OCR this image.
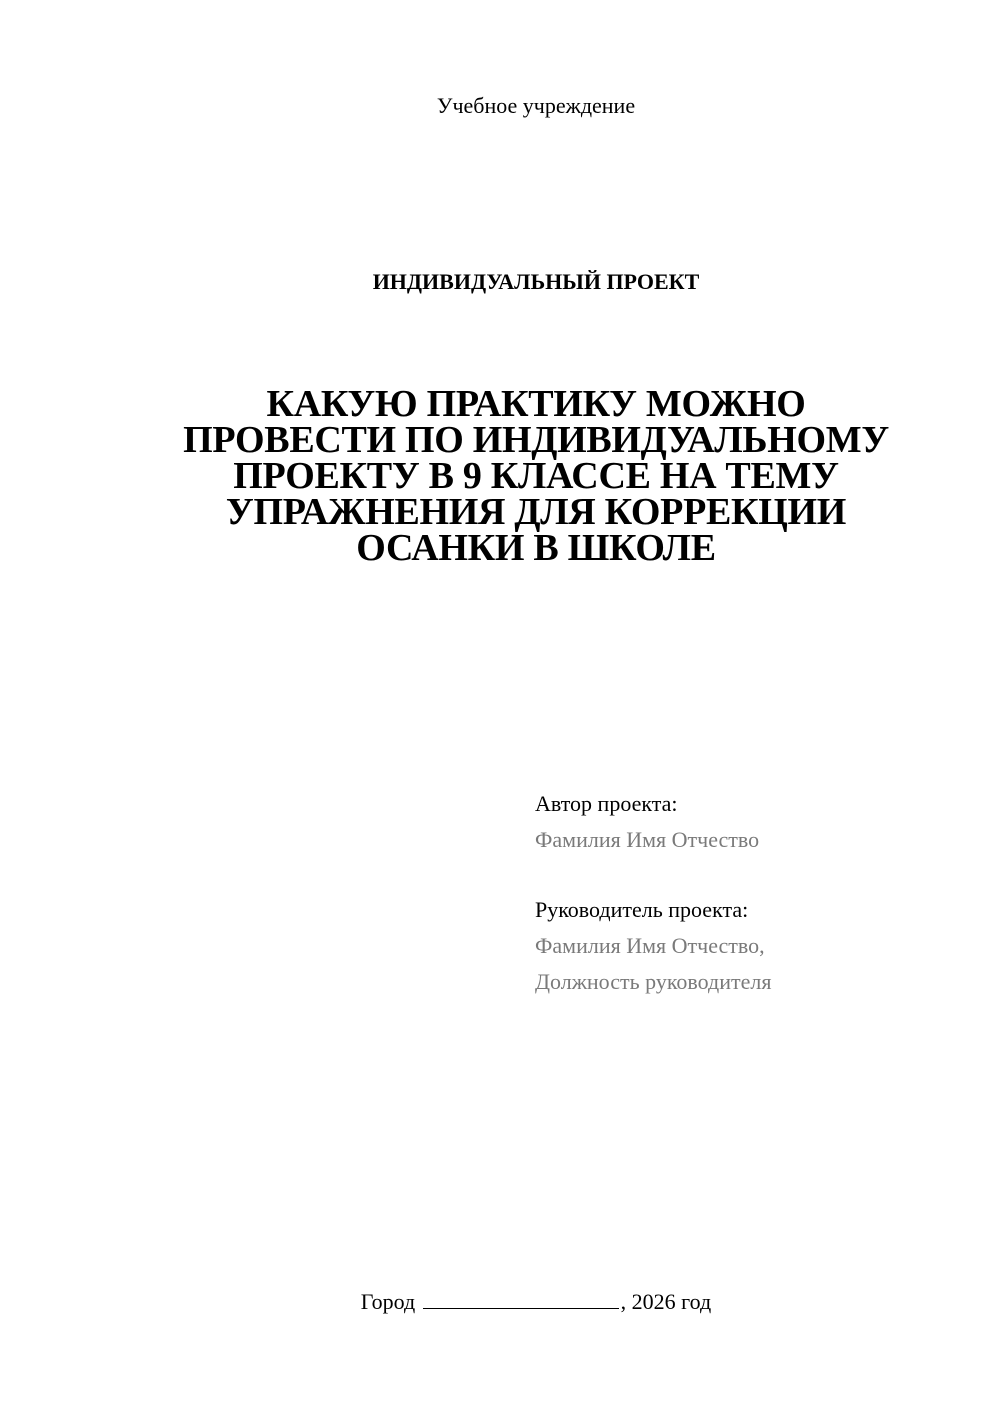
Учебное учреждение
ИНДИВИДУАЛЬНЫЙ ПРОЕКТ
КАКУЮ ПРАКТИКУ МОЖНО
ПРОВЕСТИ ПО ИНДИВИДУАЛЬНОМУ
ПРОЕКТУ В 9 КЛАССЕ НА ТЕМУ
УПРАЖНЕНИЯ ДЛЯ КОРРЕКЦИИ
ОСАНКИ В ШКОЛЕ
Автор проекта:
Фамилия Имя Отчество
Руководитель проекта:
Фамилия Имя Отчество,
Должность руководителя
Город	, 2026 год
